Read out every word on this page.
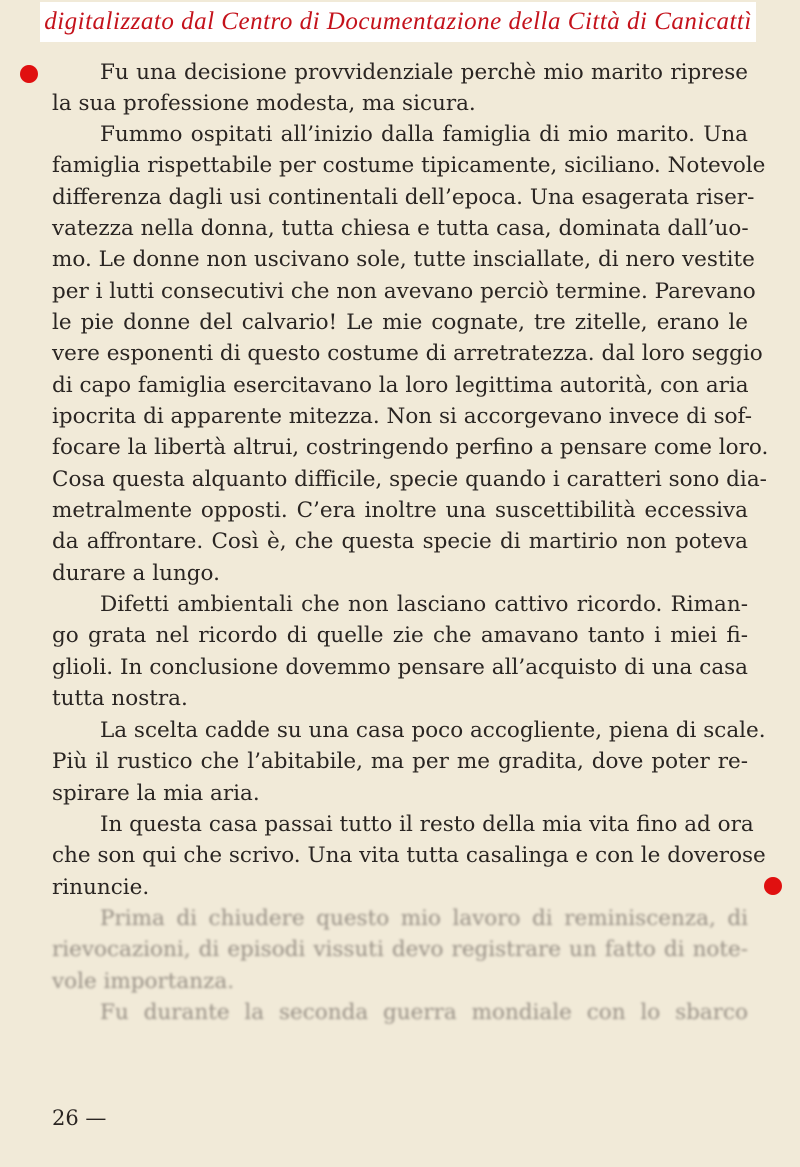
digitalizzato dal Centro di Documentazione della Città di Canicattì
Fu una decisione provvidenziale perchè mio marito riprese
la sua professione modesta, ma sicura.
Fummo ospitati all’inizio dalla famiglia di mio marito. Una
famiglia rispettabile per costume tipicamente, siciliano. Notevole
differenza dagli usi continentali dell’epoca. Una esagerata riser-
vatezza nella donna, tutta chiesa e tutta casa, dominata dall’uo-
mo. Le donne non uscivano sole, tutte insciallate, di nero vestite
per i lutti consecutivi che non avevano perciò termine. Parevano
le pie donne del calvario! Le mie cognate, tre zitelle, erano le
vere esponenti di questo costume di arretratezza. dal loro seggio
di capo famiglia esercitavano la loro legittima autorità, con aria
ipocrita di apparente mitezza. Non si accorgevano invece di sof-
focare la libertà altrui, costringendo perfino a pensare come loro.
Cosa questa alquanto difficile, specie quando i caratteri sono dia-
metralmente opposti. C’era inoltre una suscettibilità eccessiva
da affrontare. Così è, che questa specie di martirio non poteva
durare a lungo.
Difetti ambientali che non lasciano cattivo ricordo. Riman-
go grata nel ricordo di quelle zie che amavano tanto i miei fi-
glioli. In conclusione dovemmo pensare all’acquisto di una casa
tutta nostra.
La scelta cadde su una casa poco accogliente, piena di scale.
Più il rustico che l’abitabile, ma per me gradita, dove poter re-
spirare la mia aria.
In questa casa passai tutto il resto della mia vita fino ad ora
che son qui che scrivo. Una vita tutta casalinga e con le doverose
rinuncie.
Prima di chiudere questo mio lavoro di reminiscenza, di
rievocazioni, di episodi vissuti devo registrare un fatto di note-
vole importanza.
Fu durante la seconda guerra mondiale con lo sbarco
26 —
